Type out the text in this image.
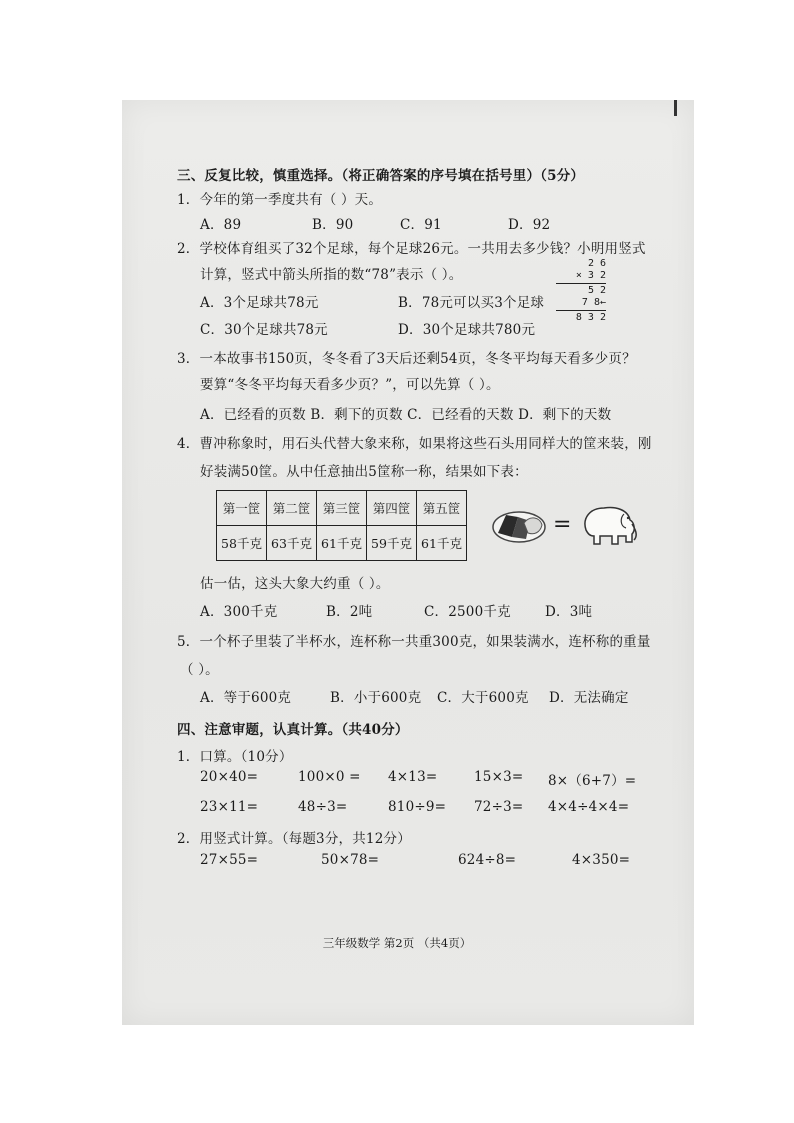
三、反复比较，慎重选择。（将正确答案的序号填在括号里）（5分）
1．今年的第一季度共有（ ）天。
A．89	B．90	C．91	D．92
2．学校体育组买了32个足球，每个足球26元。一共用去多少钱？小明用竖式
计算，竖式中箭头所指的数“78”表示（ ）。
A．3个足球共78元	B．78元可以买3个足球
C．30个足球共78元	D．30个足球共780元
2 6
× 3 2
5 2
7 8←
8 3 2
3．一本故事书150页，冬冬看了3天后还剩54页，冬冬平均每天看多少页？
要算“冬冬平均每天看多少页？”，可以先算（ ）。
A．已经看的页数 B．剩下的页数 C．已经看的天数 D．剩下的天数
4．曹冲称象时，用石头代替大象来称，如果将这些石头用同样大的筐来装，刚
好装满50筐。从中任意抽出5筐称一称，结果如下表：
第一筐	第二筐	第三筐	第四筐	第五筐
58千克	63千克	61千克	59千克	61千克
=
估一估，这头大象大约重（ ）。
A．300千克	B．2吨	C．2500千克	D．3吨
5．一个杯子里装了半杯水，连杯称一共重300克，如果装满水，连杯称的重量
（ ）。
A．等于600克	B．小于600克 C．大于600克 D．无法确定
四、注意审题，认真计算。（共40分）
1．口算。（10分）
20×40=	100×0 = 4×13=	15×3= 8×（6+7）=
23×11=	48÷3=	810÷9= 72÷3= 4×4÷4×4=
2．用竖式计算。（每题3分，共12分）
27×55=	50×78=	624÷8=	4×350=
三年级数学 第2页 （共4页）
